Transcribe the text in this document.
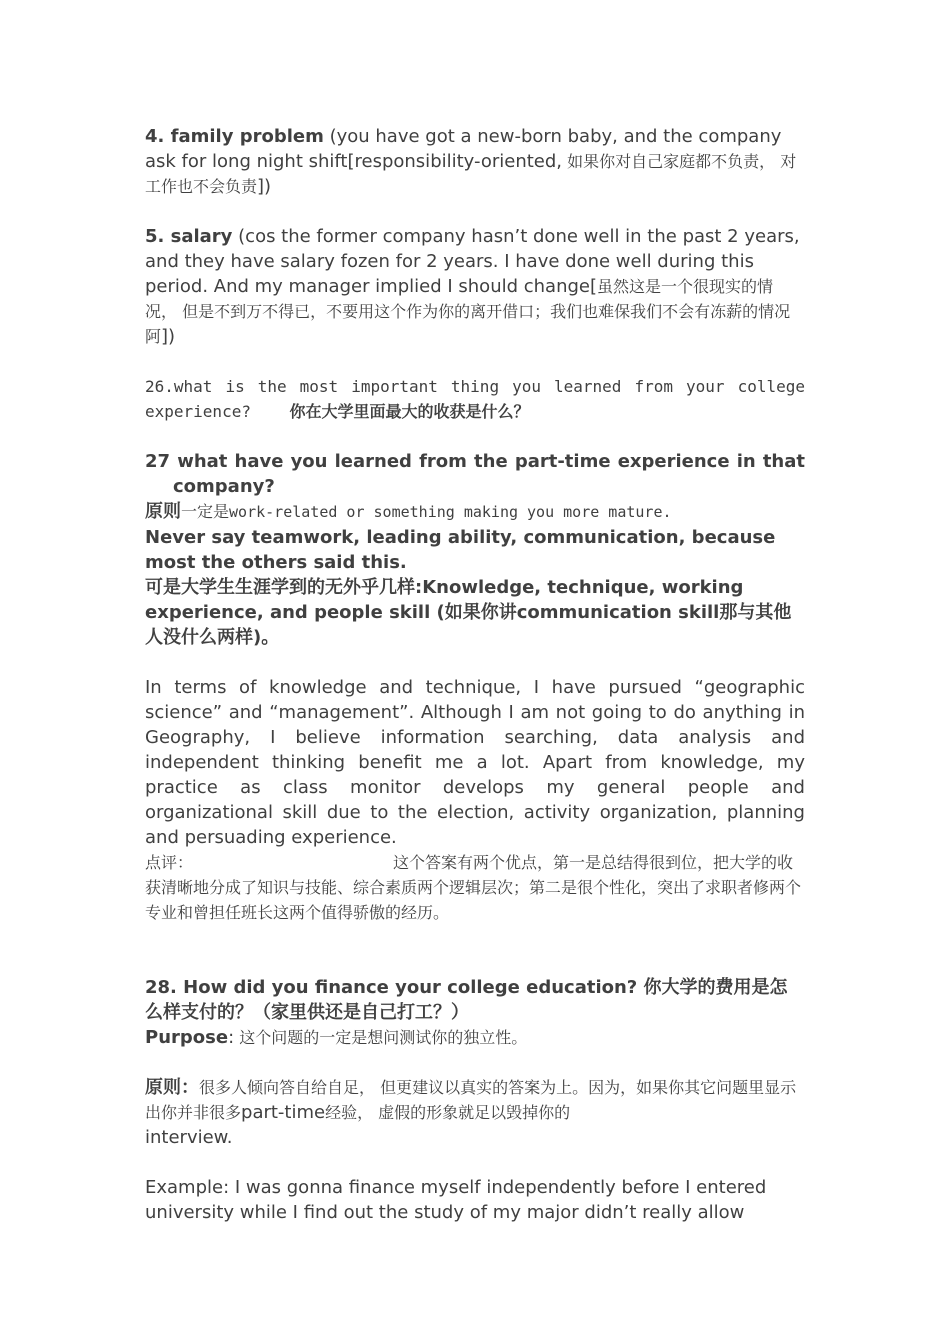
4. family problem (you have got a new-born baby, and the company ask for long night shift[responsibility-oriented, 如果你对自己家庭都不负责， 对工作也不会负责])

5. salary (cos the former company hasn’t done well in the past 2 years, and they have salary fozen for 2 years. I have done well during this period. And my manager implied I should change[虽然这是一个很现实的情况， 但是不到万不得已，不要用这个作为你的离开借口；我们也难保我们不会有冻薪的情况阿])

26.what is the most important thing you learned from your college experience? 你在大学里面最大的收获是什么？

27 what have you learned from the part-time experience in that company?

原则一定是work-related or something making you more mature.

Never say teamwork, leading ability, communication, because most the others said this.

可是大学生生涯学到的无外乎几样:Knowledge, technique, working experience, and people skill (如果你讲communication skill那与其他人没什么两样)。

In terms of knowledge and technique, I have pursued “geographic science” and “management”. Although I am not going to do anything in Geography, I believe information searching, data analysis and independent thinking benefit me a lot. Apart from knowledge, my practice as class monitor develops my general people and organizational skill due to the election, activity organization, planning and persuading experience.

点评：	这个答案有两个优点，第一是总结得很到位，把大学的收获清晰地分成了知识与技能、综合素质两个逻辑层次；第二是很个性化，突出了求职者修两个专业和曾担任班长这两个值得骄傲的经历。

28. How did you finance your college education? 你大学的费用是怎么样支付的？（家里供还是自己打工？）

Purpose: 这个问题的一定是想问测试你的独立性。

原则：很多人倾向答自给自足， 但更建议以真实的答案为上。因为，如果你其它问题里显示出你并非很多part-time经验， 虚假的形象就足以毁掉你的
interview.

Example: I was gonna finance myself independently before I entered university while I find out the study of my major didn’t really allow
